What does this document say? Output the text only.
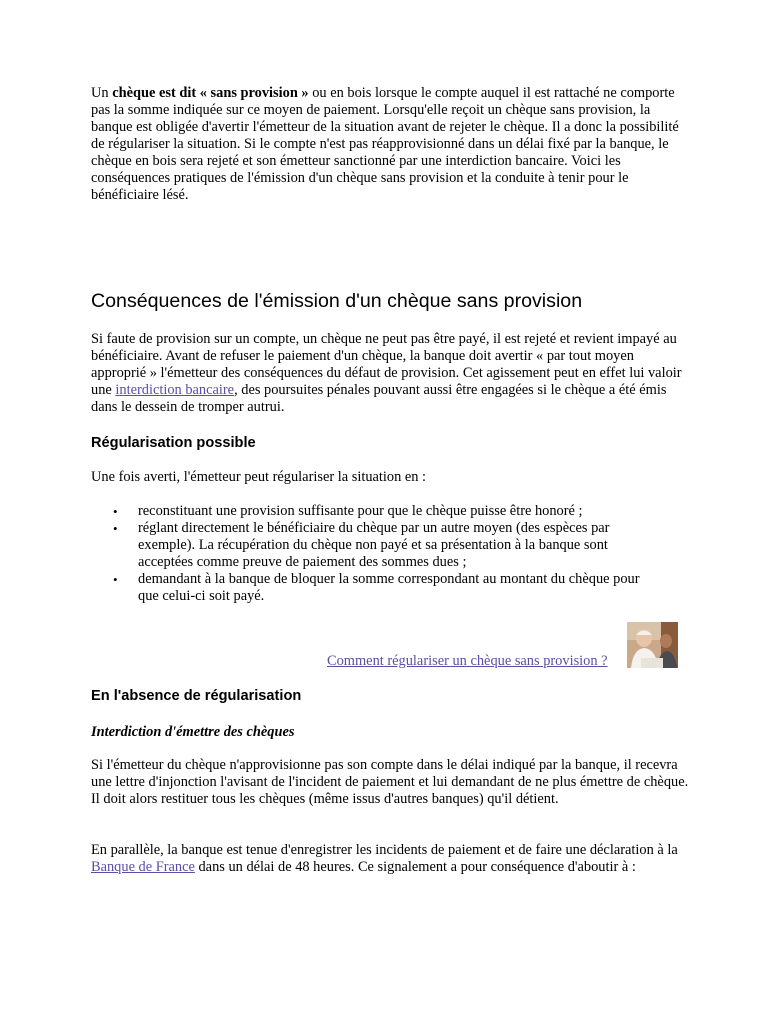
Un chèque est dit « sans provision » ou en bois lorsque le compte auquel il est rattaché ne comporte pas la somme indiquée sur ce moyen de paiement. Lorsqu'elle reçoit un chèque sans provision, la banque est obligée d'avertir l'émetteur de la situation avant de rejeter le chèque. Il a donc la possibilité de régulariser la situation. Si le compte n'est pas réapprovisionné dans un délai fixé par la banque, le chèque en bois sera rejeté et son émetteur sanctionné par une interdiction bancaire. Voici les conséquences pratiques de l'émission d'un chèque sans provision et la conduite à tenir pour le bénéficiaire lésé.

Conséquences de l'émission d'un chèque sans provision

Si faute de provision sur un compte, un chèque ne peut pas être payé, il est rejeté et revient impayé au bénéficiaire. Avant de refuser le paiement d'un chèque, la banque doit avertir « par tout moyen approprié » l'émetteur des conséquences du défaut de provision. Cet agissement peut en effet lui valoir une interdiction bancaire, des poursuites pénales pouvant aussi être engagées si le chèque a été émis dans le dessein de tromper autrui.

Régularisation possible

Une fois averti, l'émetteur peut régulariser la situation en :

• reconstituant une provision suffisante pour que le chèque puisse être honoré ;
• réglant directement le bénéficiaire du chèque par un autre moyen (des espèces par exemple). La récupération du chèque non payé et sa présentation à la banque sont acceptées comme preuve de paiement des sommes dues ;
• demandant à la banque de bloquer la somme correspondant au montant du chèque pour que celui-ci soit payé.
Comment régulariser un chèque sans provision ?
En l'absence de régularisation

Interdiction d'émettre des chèques

Si l'émetteur du chèque n'approvisionne pas son compte dans le délai indiqué par la banque, il recevra une lettre d'injonction l'avisant de l'incident de paiement et lui demandant de ne plus émettre de chèque. Il doit alors restituer tous les chèques (même issus d'autres banques) qu'il détient.

En parallèle, la banque est tenue d'enregistrer les incidents de paiement et de faire une déclaration à la Banque de France dans un délai de 48 heures. Ce signalement a pour conséquence d'aboutir à :
